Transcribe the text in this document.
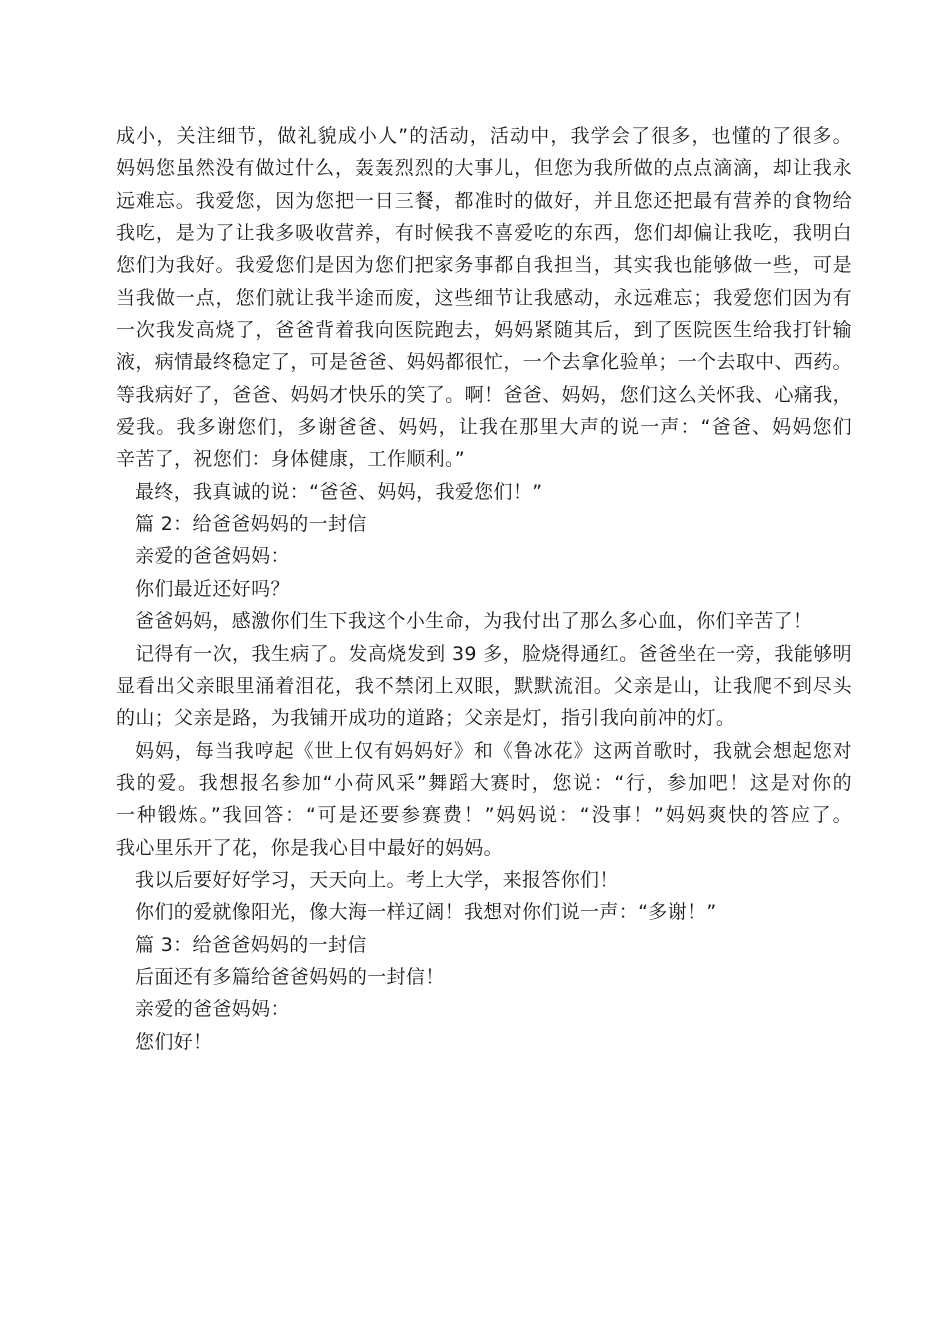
成小，关注细节，做礼貌成小人”的活动，活动中，我学会了很多，也懂的了很多。
妈妈您虽然没有做过什么，轰轰烈烈的大事儿，但您为我所做的点点滴滴，却让我永
远难忘。我爱您，因为您把一日三餐，都准时的做好，并且您还把最有营养的食物给
我吃，是为了让我多吸收营养，有时候我不喜爱吃的东西，您们却偏让我吃，我明白
您们为我好。我爱您们是因为您们把家务事都自我担当，其实我也能够做一些，可是
当我做一点，您们就让我半途而废，这些细节让我感动，永远难忘；我爱您们因为有
一次我发高烧了，爸爸背着我向医院跑去，妈妈紧随其后，到了医院医生给我打针输
液，病情最终稳定了，可是爸爸、妈妈都很忙，一个去拿化验单；一个去取中、西药。
等我病好了，爸爸、妈妈才快乐的笑了。啊！爸爸、妈妈，您们这么关怀我、心痛我，
爱我。我多谢您们，多谢爸爸、妈妈，让我在那里大声的说一声：“爸爸、妈妈您们
辛苦了，祝您们：身体健康，工作顺利。”
最终，我真诚的说：“爸爸、妈妈，我爱您们！”
篇 2：给爸爸妈妈的一封信
亲爱的爸爸妈妈：
你们最近还好吗？
爸爸妈妈，感激你们生下我这个小生命，为我付出了那么多心血，你们辛苦了！
记得有一次，我生病了。发高烧发到 39 多，脸烧得通红。爸爸坐在一旁，我能够明
显看出父亲眼里涌着泪花，我不禁闭上双眼，默默流泪。父亲是山，让我爬不到尽头
的山；父亲是路，为我铺开成功的道路；父亲是灯，指引我向前冲的灯。
妈妈，每当我哼起《世上仅有妈妈好》和《鲁冰花》这两首歌时，我就会想起您对
我的爱。我想报名参加“小荷风采”舞蹈大赛时，您说：“行，参加吧！这是对你的
一种锻炼。”我回答：“可是还要参赛费！”妈妈说：“没事！”妈妈爽快的答应了。
我心里乐开了花，你是我心目中最好的妈妈。
我以后要好好学习，天天向上。考上大学，来报答你们！
你们的爱就像阳光，像大海一样辽阔！我想对你们说一声：“多谢！”
篇 3：给爸爸妈妈的一封信
后面还有多篇给爸爸妈妈的一封信！
亲爱的爸爸妈妈：
您们好！
